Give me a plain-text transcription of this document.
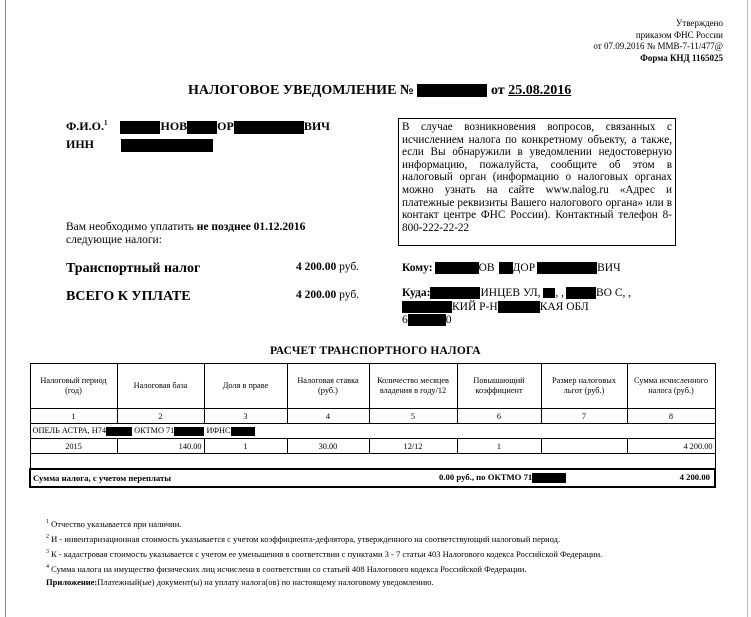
Утверждено
приказом ФНС России
от 07.09.2016 № ММВ-7-11/477@
Форма КНД 1165025
НАЛОГОВОЕ УВЕДОМЛЕНИЕ №	от 25.08.2016
Ф.И.О.$^1$	НОВ	ОР	ВИЧ
ИНН
В случае возникновения вопросов, связанных с исчислением налога по конкретному объекту, а также, если Вы обнаружили в уведомлении недостоверную информацию, пожалуйста, сообщите об этом в налоговый орган (информацию о налоговых органах можно узнать на сайте www.nalog.ru «Адрес и платежные реквизиты Вашего налогового органа» или в контакт центре ФНС России). Контактный телефон 8-800-222-22-22
Вам необходимо уплатить не позднее 01.12.2016
следующие налоги:
Транспортный налог	4 200.00 руб.
ВСЕГО К УПЛАТЕ	4 200.00 руб.
Кому:	ОВ ДОР	ВИЧ
Куда:	ИНЦЕВ УЛ, , ,	ВО С, ,
КИЙ Р-Н	КАЯ ОБЛ
6	0
РАСЧЕТ ТРАНСПОРТНОГО НАЛОГА
Налоговый период (год)	Налоговая база	Доля в праве	Налоговая ставка (руб.)	Количество месяцев владения в году/12	Повышающий коэффициент	Размер налоговых льгот (руб.)	Сумма исчисленного налога (руб.)
1	2	3	4	5	6	7	8
ОПЕЛЬ АСТРА, Н74 ОКТМО 71 ИФНС							
2015	140.00	1	30.00	12/12	1		4 200.00

Сумма налога, с учетом переплаты 0.00 руб., по ОКТМО 71 4 200.00							
$^1$ Отчество указывается при наличии.
$^2$ И - инвентаризационная стоимость указывается с учетом коэффициента-дефлятора, утвержденного на соответствующий налоговый период.
$^3$ К - кадастровая стоимость указывается с учетом ее уменьшения в соответствии с пунктами 3 - 7 статьи 403 Налогового кодекса Российской Федерации.
$^4$ Сумма налога на имущество физических лиц исчислена в соответствии со статьей 408 Налогового кодекса Российской Федерации.
Приложение:Платежный(ые) документ(ы) на уплату налога(ов) по настоящему налоговому уведомлению.
